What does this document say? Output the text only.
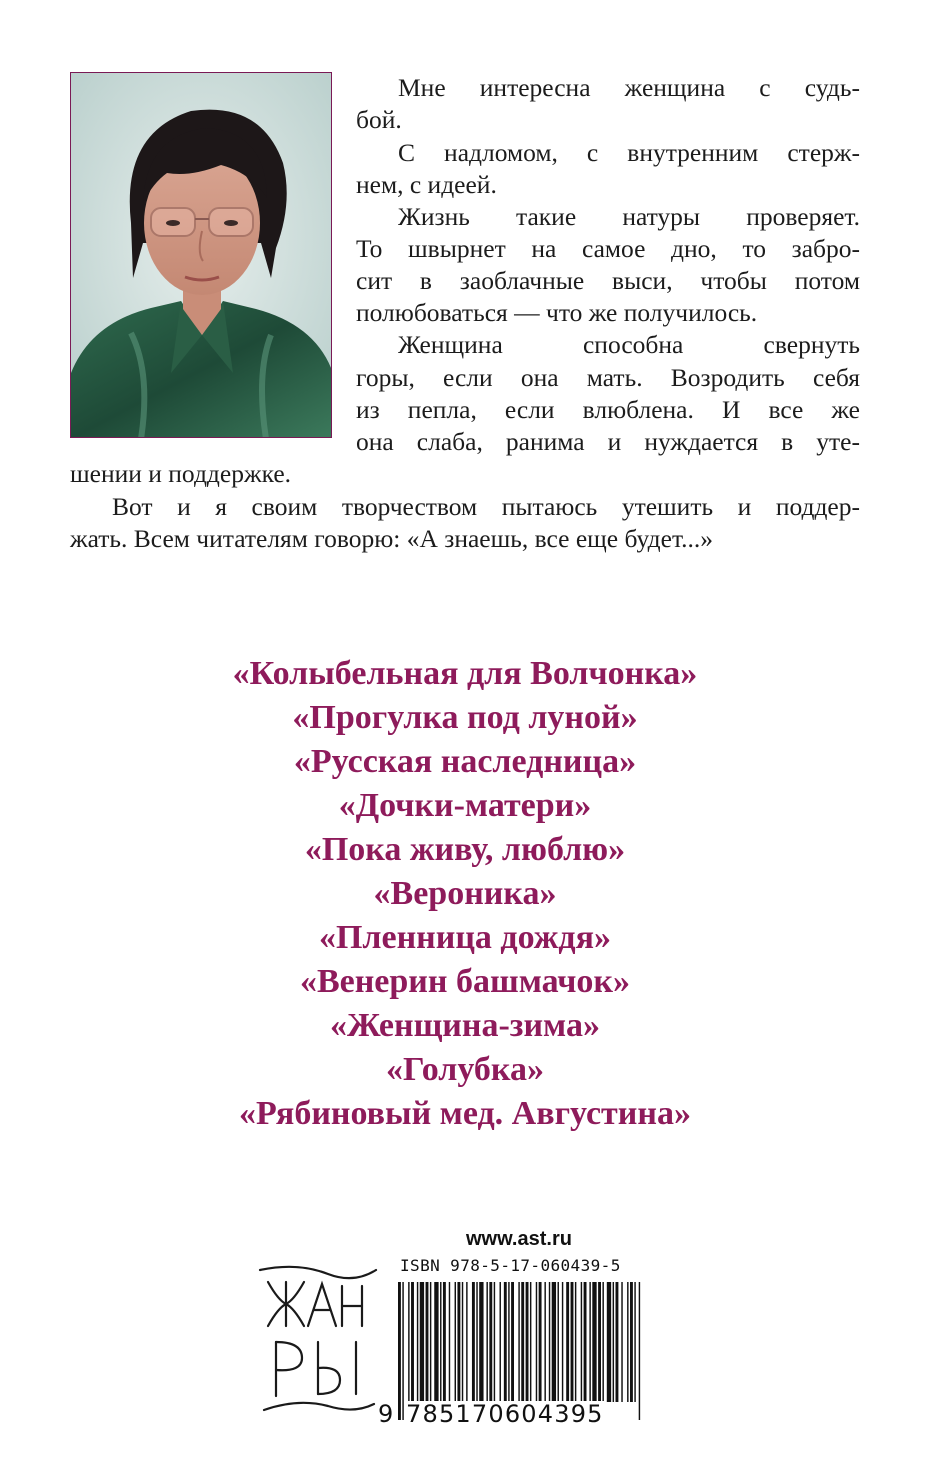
Мне интересна женщина с судь-
бой.
С надломом, с внутренним стерж-
нем, с идеей.
Жизнь такие натуры проверяет.
То швырнет на самое дно, то забро-
сит в заоблачные выси, чтобы потом
полюбоваться — что же получилось.
Женщина способна свернуть
горы, если она мать. Возродить себя
из пепла, если влюблена. И все же
она слаба, ранима и нуждается в уте-
шении и поддержке.
Вот и я своим творчеством пытаюсь утешить и поддер-
жать. Всем читателям говорю: «А знаешь, все еще будет...»
«Колыбельная для Волчонка»
«Прогулка под луной»
«Русская наследница»
«Дочки-матери»
«Пока живу, люблю»
«Вероника»
«Пленница дождя»
«Венерин башмачок»
«Женщина-зима»
«Голубка»
«Рябиновый мед. Августина»
www.ast.ru
ISBN 978-5-17-060439-5
9 785170604395
